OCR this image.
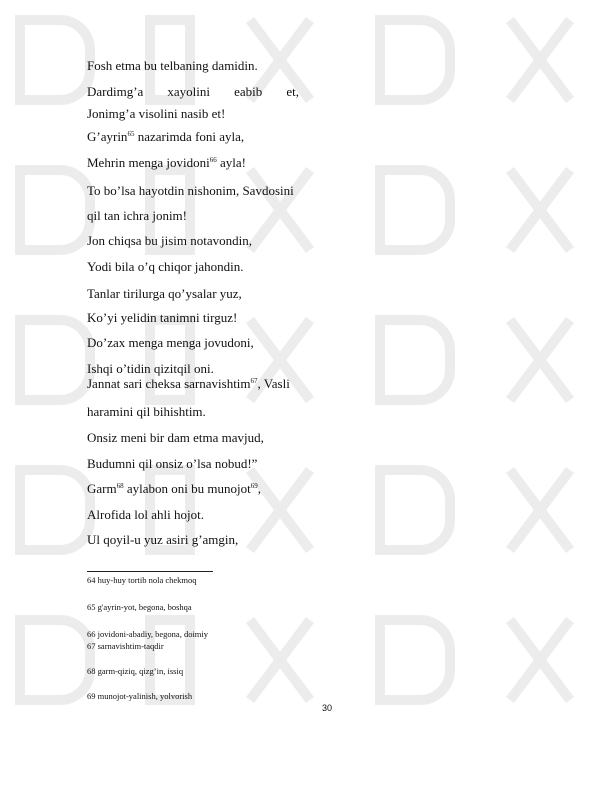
Fosh etma bu telbaning damidin.
Dardimg’a xayolini eabib et,
Jonimg’a visolini nasib et!
G’ayrin$^{65}$ nazarimda foni ayla,
Mehrin menga jovidoni$^{66}$ ayla!
To bo’lsa hayotdin nishonim, Savdosini
qil tan ichra jonim!
Jon chiqsa bu jisim notavondin,
Yodi bila o’q chiqor jahondin.
Tanlar tirilurga qo’ysalar yuz,
Ko’yi yelidin tanimni tirguz!
Do’zax menga menga jovudoni,
Ishqi o’tidin qizitqil oni.
Jannat sari cheksa sarnavishtim$^{67}$, Vasli
haramini qil bihishtim.
Onsiz meni bir dam etma mavjud,
Budumni qil onsiz o’lsa nobud!”
Garm$^{68}$ aylabon oni bu munojot$^{69}$,
Alrofida lol ahli hojot.
Ul qoyil-u yuz asiri g’amgin,
64 huy-huy tortib nola chekmoq
65 g'ayrin-yot, begona, boshqa
66 jovidoni-abadiy, begona, doimiy
67 sarnavishtim-taqdir
68 garm-qiziq, qizg’in, issiq
69 munojot-yalinish, yolvorish
30
